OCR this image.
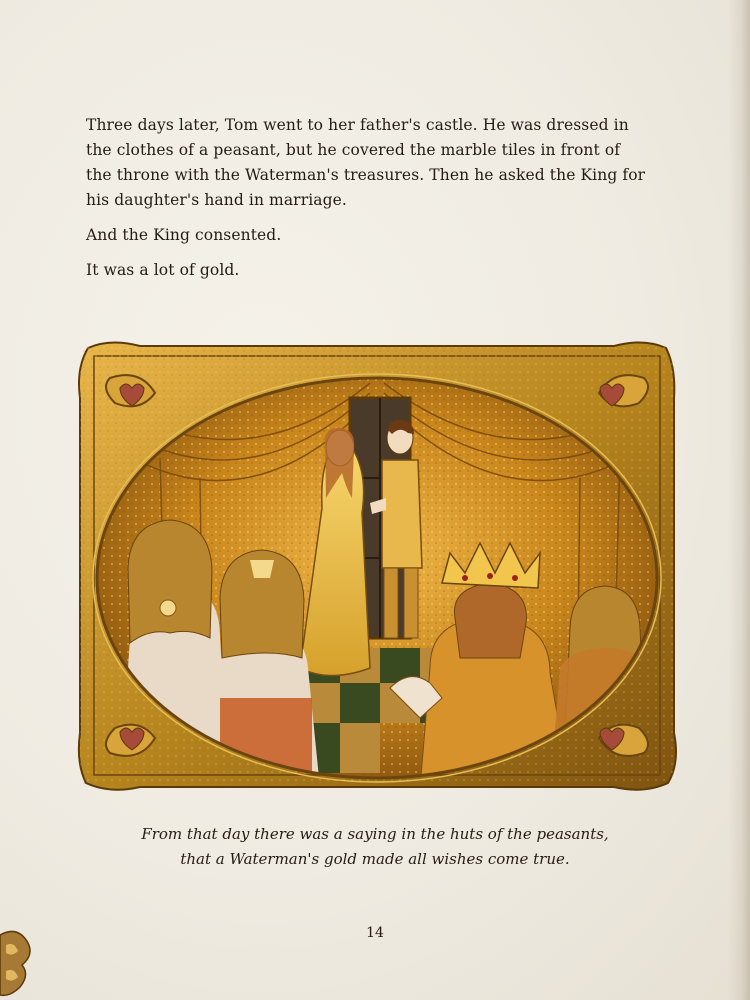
Three days later, Tom went to her father's castle. He was dressed in the clothes of a peasant, but he covered the marble tiles in front of the throne with the Waterman's treasures. Then he asked the King for his daughter's hand in marriage.

And the King consented.

It was a lot of gold.

From that day there was a saying in the huts of the peasants,
that a Waterman's gold made all wishes come true.
14
